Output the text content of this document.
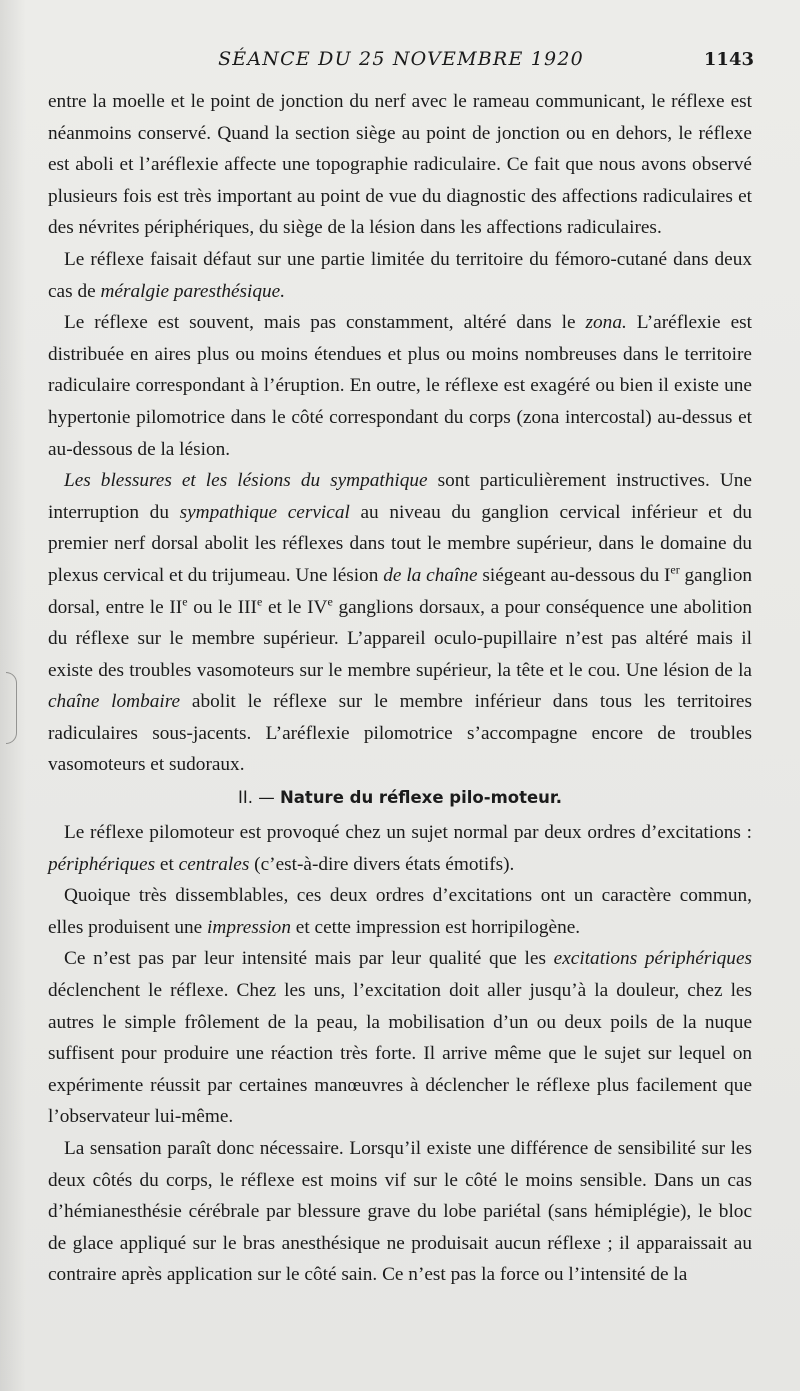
SÉANCE DU 25 NOVEMBRE 1920	1143

entre la moelle et le point de jonction du nerf avec le rameau communicant, le réflexe est néanmoins conservé. Quand la section siège au point de jonction ou en dehors, le réflexe est aboli et l’aréflexie affecte une topographie radiculaire. Ce fait que nous avons observé plusieurs fois est très important au point de vue du diagnostic des affections radiculaires et des névrites périphériques, du siège de la lésion dans les affections radiculaires.

Le réflexe faisait défaut sur une partie limitée du territoire du fémoro-cutané dans deux cas de méralgie paresthésique.

Le réflexe est souvent, mais pas constamment, altéré dans le zona. L’aréflexie est distribuée en aires plus ou moins étendues et plus ou moins nombreuses dans le territoire radiculaire correspondant à l’éruption. En outre, le réflexe est exagéré ou bien il existe une hypertonie pilomotrice dans le côté correspondant du corps (zona intercostal) au-dessus et au-dessous de la lésion.

Les blessures et les lésions du sympathique sont particulièrement instructives. Une interruption du sympathique cervical au niveau du ganglion cervical inférieur et du premier nerf dorsal abolit les réflexes dans tout le membre supérieur, dans le domaine du plexus cervical et du trijumeau. Une lésion de la chaîne siégeant au-dessous du Ier ganglion dorsal, entre le IIe ou le IIIe et le IVe ganglions dorsaux, a pour conséquence une abolition du réflexe sur le membre supérieur. L’appareil oculo-pupillaire n’est pas altéré mais il existe des troubles vasomoteurs sur le membre supérieur, la tête et le cou. Une lésion de la chaîne lombaire abolit le réflexe sur le membre inférieur dans tous les territoires radiculaires sous-jacents. L’aréflexie pilomotrice s’accompagne encore de troubles vasomoteurs et sudoraux.

II. — Nature du réflexe pilo-moteur.

Le réflexe pilomoteur est provoqué chez un sujet normal par deux ordres d’excitations : périphériques et centrales (c’est-à-dire divers états émotifs).

Quoique très dissemblables, ces deux ordres d’excitations ont un caractère commun, elles produisent une impression et cette impression est horripilogène.

Ce n’est pas par leur intensité mais par leur qualité que les excitations périphériques déclenchent le réflexe. Chez les uns, l’excitation doit aller jusqu’à la douleur, chez les autres le simple frôlement de la peau, la mobilisation d’un ou deux poils de la nuque suffisent pour produire une réaction très forte. Il arrive même que le sujet sur lequel on expérimente réussit par certaines manœuvres à déclencher le réflexe plus facilement que l’observateur lui-même.

La sensation paraît donc nécessaire. Lorsqu’il existe une différence de sensibilité sur les deux côtés du corps, le réflexe est moins vif sur le côté le moins sensible. Dans un cas d’hémianesthésie cérébrale par blessure grave du lobe pariétal (sans hémiplégie), le bloc de glace appliqué sur le bras anesthésique ne produisait aucun réflexe ; il apparaissait au contraire après application sur le côté sain. Ce n’est pas la force ou l’intensité de la
